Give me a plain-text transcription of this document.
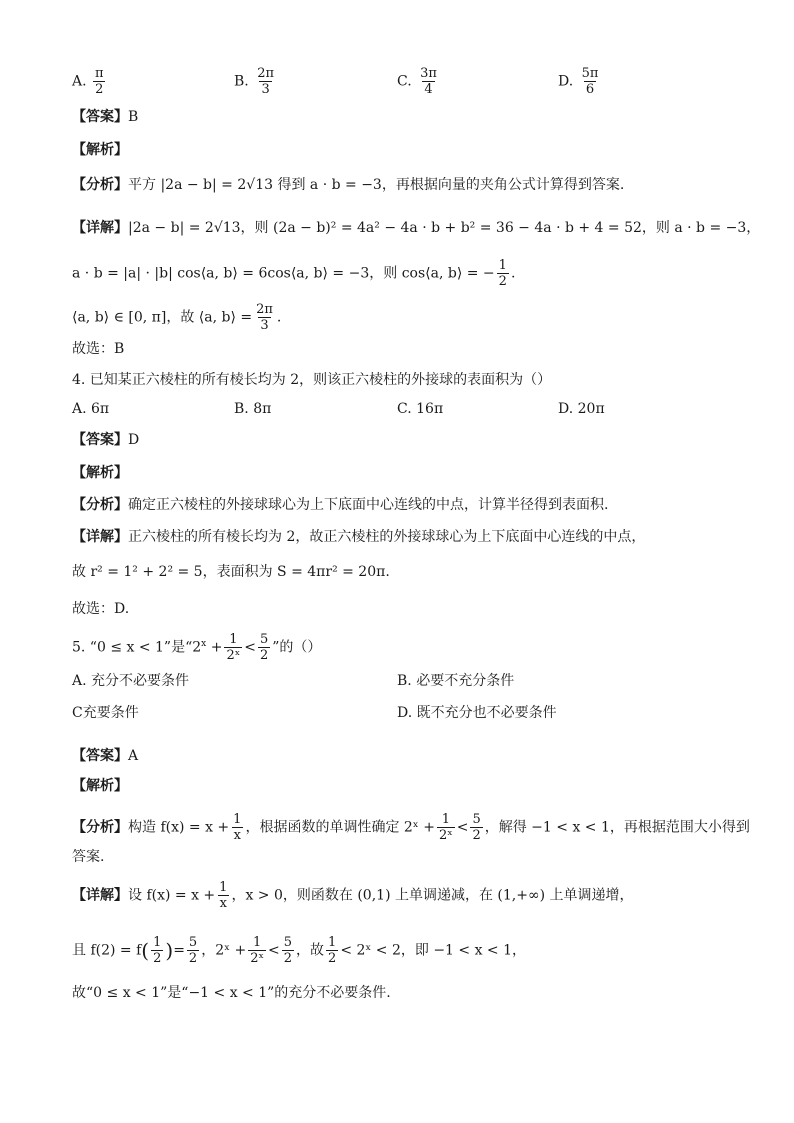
A. $\frac{\pi}{2}$	B. $\frac{2\pi}{3}$	C. $\frac{3\pi}{4}$	D. $\frac{5\pi}{6}$
【答案】B
【解析】
【分析】平方 |2a − b| = 2√13 得到 a · b = −3，再根据向量的夹角公式计算得到答案.
【详解】|2a − b| = 2√13，则 (2a − b)² = 4a² − 4a · b + b² = 36 − 4a · b + 4 = 52，则 a · b = −3，
a · b = |a| · |b| cos⟨a, b⟩ = 6cos⟨a, b⟩ = −3，则 cos⟨a, b⟩ = − $\frac{1}{2}$ .
⟨a, b⟩ ∈ [0, π]，故 ⟨a, b⟩ = $\frac{2\pi}{3}$ .
故选：B
4. 已知某正六棱柱的所有棱长均为 2，则该正六棱柱的外接球的表面积为（）
A. 6π	B. 8π	C. 16π	D. 20π
【答案】D
【解析】
【分析】确定正六棱柱的外接球球心为上下底面中心连线的中点，计算半径得到表面积.
【详解】正六棱柱的所有棱长均为 2，故正六棱柱的外接球球心为上下底面中心连线的中点，
故 r² = 1² + 2² = 5，表面积为 S = 4πr² = 20π.
故选：D.
5. “0 ≤ x < 1”是“$2^x + \frac{1}{\text{2ˣ}} < \frac{5}{2}$ ”的（）
A. 充分不必要条件	B. 必要不充分条件
C充要条件	D. 既不充分也不必要条件
【答案】A
【解析】
【分析】构造 $f(x) = x + \frac{1}{x}$ ，根据函数的单调性确定 2ˣ + $\frac{1}{\text{2ˣ}} < \frac{5}{2}$ ，解得 −1 < x < 1，再根据范围大小得到
答案.
【详解】设 $f(x) = x + \frac{1}{x}$ ，x > 0，则函数在 (0,1) 上单调递减，在 (1,+∞) 上单调递增，
且 $f(2) = f( \frac{1}{2}$ )= $\frac{5}{2}$ ，2ˣ + $\frac{1}{\text{2ˣ}} < \frac{5}{2}$ ，故 $\frac{1}{2}$ < 2ˣ < 2，即 −1 < x < 1，
故“0 ≤ x < 1”是“−1 < x < 1”的充分不必要条件.
